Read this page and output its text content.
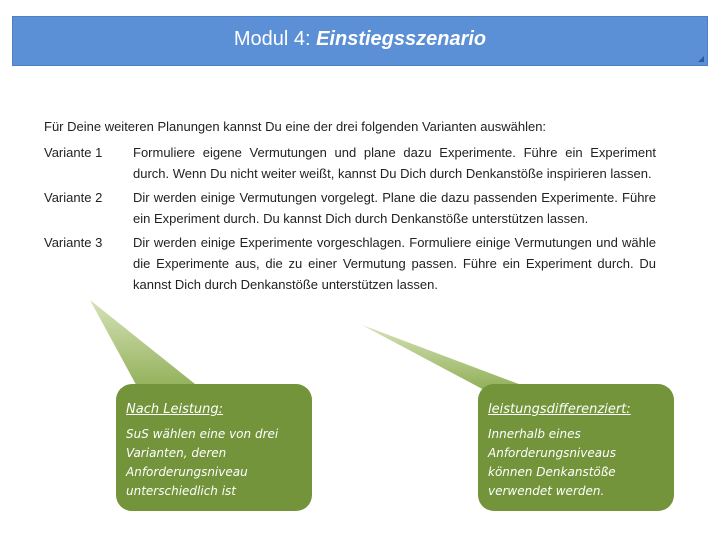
Modul 4: Einstiegsszenario

Für Deine weiteren Planungen kannst Du eine der drei folgenden Varianten auswählen:

Variante 1	Formuliere eigene Vermutungen und plane dazu Experimente. Führe ein Experiment durch. Wenn Du nicht weiter weißt, kannst Du Dich durch Denkanstöße inspirieren lassen.
Variante 2	Dir werden einige Vermutungen vorgelegt. Plane die dazu passenden Experimente. Führe ein Experiment durch. Du kannst Dich durch Denkanstöße unterstützen lassen.
Variante 3	Dir werden einige Experimente vorgeschlagen. Formuliere einige Vermutungen und wähle die Experimente aus, die zu einer Vermutung passen. Führe ein Experiment durch. Du kannst Dich durch Denkanstöße unterstützen lassen.
Nach Leistung:
SuS wählen eine von drei Varianten, deren Anforderungsniveau unterschiedlich ist
leistungsdifferenziert:
Innerhalb eines Anforderungsniveaus können Denkanstöße verwendet werden.
